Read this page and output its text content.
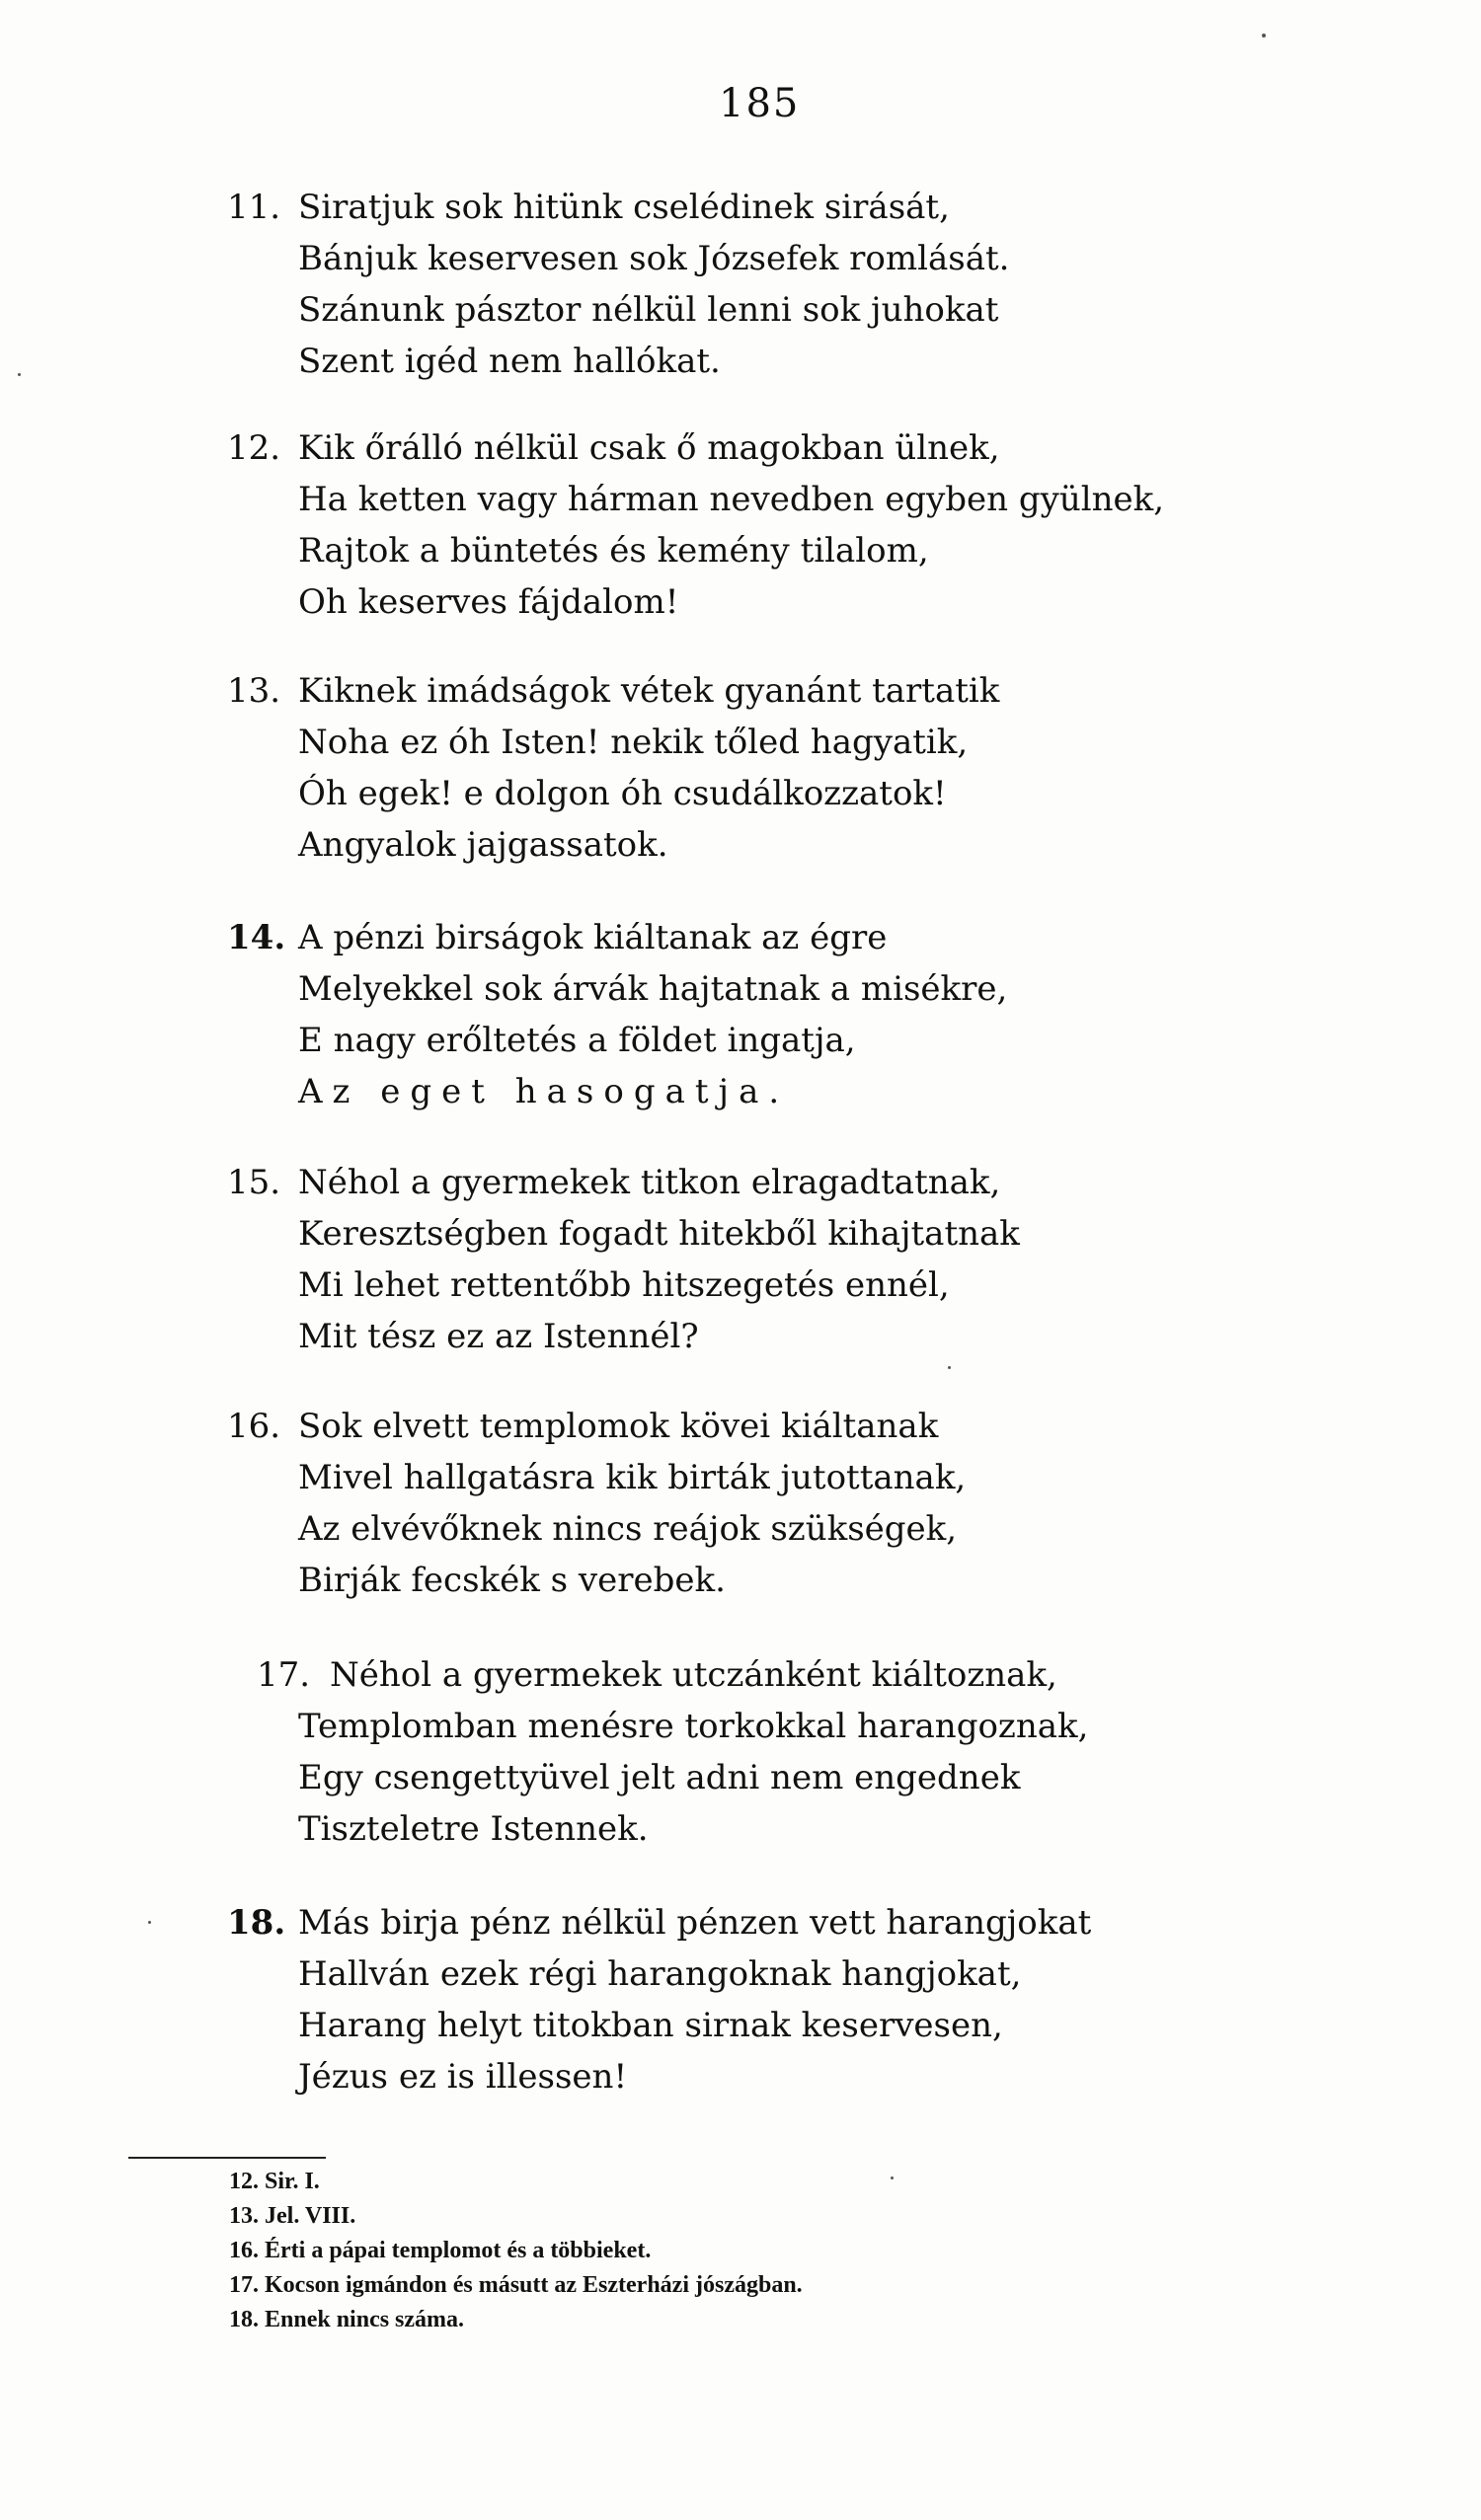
185
11. Siratjuk sok hitünk cselédinek sirását,
Bánjuk keservesen sok Józsefek romlását.
Szánunk pásztor nélkül lenni sok juhokat
Szent igéd nem hallókat.
12. Kik őrálló nélkül csak ő magokban ülnek,
Ha ketten vagy hárman nevedben egyben gyülnek,
Rajtok a büntetés és kemény tilalom,
Oh keserves fájdalom!
13. Kiknek imádságok vétek gyanánt tartatik
Noha ez óh Isten! nekik tőled hagyatik,
Óh egek! e dolgon óh csudálkozzatok!
Angyalok jajgassatok.
14. A pénzi birságok kiáltanak az égre
Melyekkel sok árvák hajtatnak a misékre,
E nagy erőltetés a földet ingatja,
Az eget hasogatja.
15. Néhol a gyermekek titkon elragadtatnak,
Keresztségben fogadt hitekből kihajtatnak
Mi lehet rettentőbb hitszegetés ennél,
Mit tész ez az Istennél?
16. Sok elvett templomok kövei kiáltanak
Mivel hallgatásra kik birták jutottanak,
Az elvévőknek nincs reájok szükségek,
Birják fecskék s verebek.
17. Néhol a gyermekek utczánként kiáltoznak,
Templomban menésre torkokkal harangoznak,
Egy csengettyüvel jelt adni nem engednek
Tiszteletre Istennek.
18. Más birja pénz nélkül pénzen vett harangjokat
Hallván ezek régi harangoknak hangjokat,
Harang helyt titokban sirnak keservesen,
Jézus ez is illessen!
12. Sir. I.
13. Jel. VIII.
16. Érti a pápai templomot és a többieket.
17. Kocson igmándon és másutt az Eszterházi jószágban.
18. Ennek nincs száma.
